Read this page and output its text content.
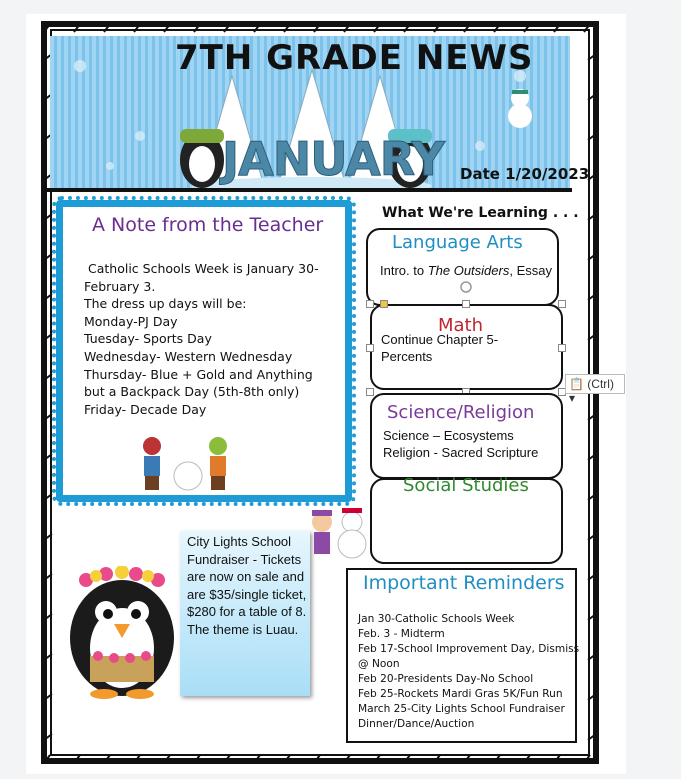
7TH GRADE NEWS
JANUARY Date 1/20/2023
A Note from the Teacher
Catholic Schools Week is January 30-February 3.
The dress up days will be:
Monday-PJ Day
Tuesday- Sports Day
Wednesday- Western Wednesday
Thursday- Blue + Gold and Anything but a Backpack Day (5th-8th only)
Friday- Decade Day
What We're Learning . . .
Language Arts
Intro. to The Outsiders, Essay
Math
Continue Chapter 5-Percents
Science/Religion
Science – Ecosystems
Religion - Sacred Scripture
Social Studies
📋 (Ctrl) ▾
City Lights School Fundraiser - Tickets are now on sale and are $35/single ticket, $280 for a table of 8. The theme is Luau.
Important Reminders
Jan 30-Catholic Schools Week
Feb. 3 - Midterm
Feb 17-School Improvement Day, Dismiss
@ Noon
Feb 20-Presidents Day-No School
Feb 25-Rockets Mardi Gras 5K/Fun Run
March 25-City Lights School Fundraiser
Dinner/Dance/Auction
